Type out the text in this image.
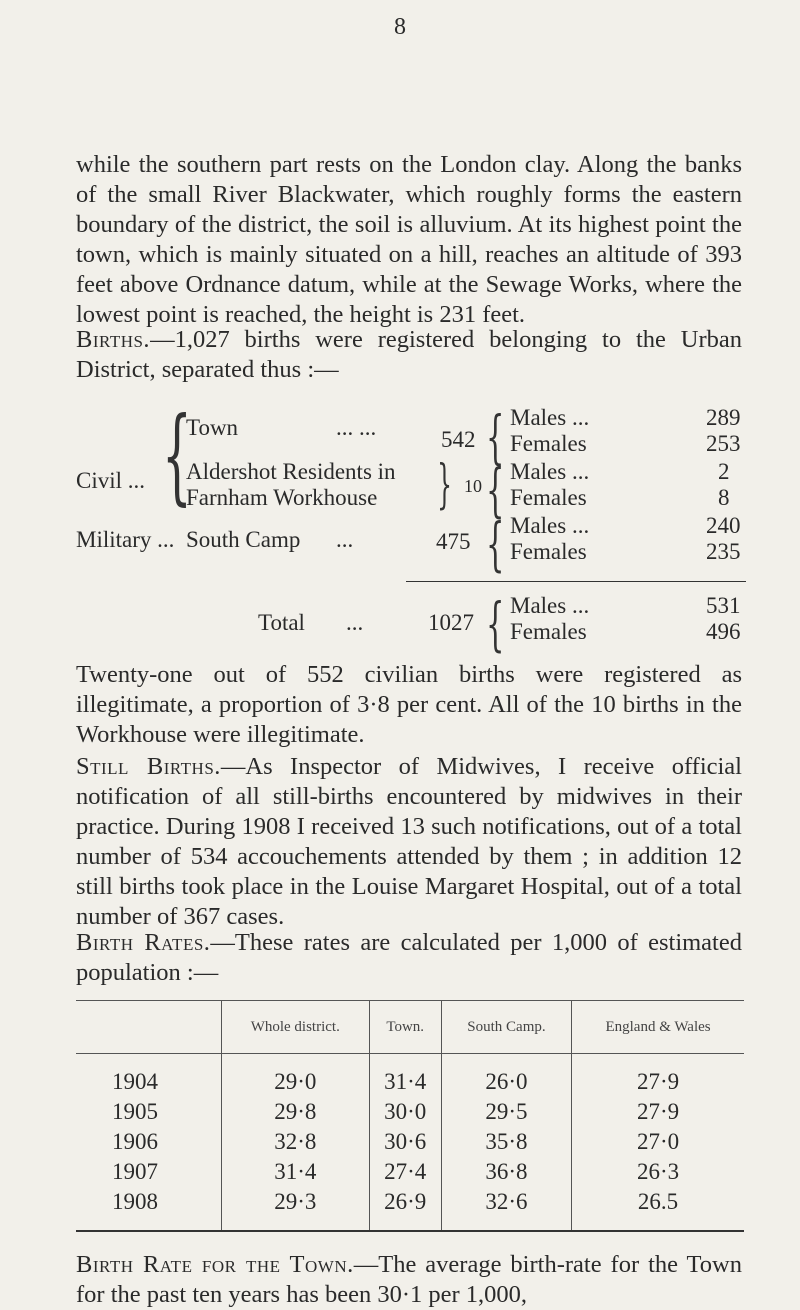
8

while the southern part rests on the London clay. Along the banks of the small River Blackwater, which roughly forms the eastern boundary of the district, the soil is alluvium. At its highest point the town, which is mainly situated on a hill, reaches an altitude of 393 feet above Ordnance datum, while at the Sewage Works, where the lowest point is reached, the height is 231 feet.

Births.—1,027 births were registered belonging to the Urban District, separated thus :—

Civil ... {
Town	... ...	542 { Males ...	289
Females	253
Aldershot Residents in
Farnham Workhouse { 10 { Males ...	2
Females	8
Military ... South Camp ...	475 { Males ...	240
Females	235
Total ...	1027 { Males ...	531
Females	496

Twenty-one out of 552 civilian births were registered as illegitimate, a proportion of 3·8 per cent. All of the 10 births in the Workhouse were illegitimate.

Still Births.—As Inspector of Midwives, I receive official notification of all still-births encountered by midwives in their practice. During 1908 I received 13 such notifications, out of a total number of 534 accouchements attended by them ; in addition 12 still births took place in the Louise Margaret Hospital, out of a total number of 367 cases.

Birth Rates.—These rates are calculated per 1,000 of estimated population :—

	Whole district.	Town.	South Camp.	England & Wales
1904	29·0	31·4	26·0	27·9
1905	29·8	30·0	29·5	27·9
1906	32·8	30·6	35·8	27·0
1907	31·4	27·4	36·8	26·3
1908	29·3	26·9	32·6	26.5

Birth Rate for the Town.—The average birth-rate for the Town for the past ten years has been 30·1 per 1,000,
